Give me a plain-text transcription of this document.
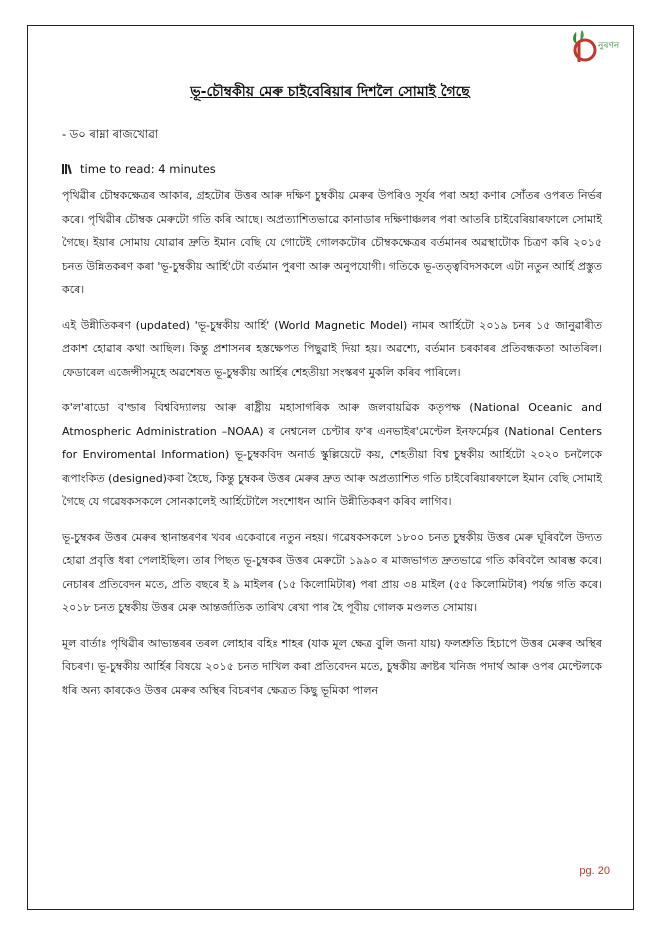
নুৰণন
ভূ-চৌম্বকীয় মেৰু চাইবেৰিয়াৰ দিশলৈ সোমাই গৈছে
- ড০ ৰাম্না ৰাজখোৱা
time to read: 4 minutes

পৃথিৱীৰ চৌম্বকক্ষেত্ৰৰ আকাৰ, গ্ৰহটোৰ উত্তৰ আৰু দক্ষিণ চুম্বকীয় মেৰুৰ উপৰিও সূৰ্যৰ পৰা অহা কণাৰ সোঁতৰ ওপৰত নিৰ্ভৰ কৰে। পৃথিৱীৰ চৌম্বক মেৰুটো গতি কৰি আছে। অপ্ৰত্যাশিতভাৱে কানাডাৰ দক্ষিণাঞ্চলৰ পৰা আতৰি চাইবেৰিয়াৰফালে সোমাই গৈছে। ইয়াৰ সোমায় যোৱাৰ দ্ৰুতি ইমান বেছি যে গোটেই গোলকটোৰ চৌম্বকক্ষেত্ৰৰ বৰ্তমানৰ অৱস্থাটোক চিত্ৰণ কৰি ২০১৫ চনত উন্নিতকৰণ কৰা 'ভূ-চুম্বকীয় আৰ্হি'টো বৰ্তমান পুৰণা আৰু অনুপযোগী। গতিকে ভূ-তত্ত্ববিদসকলে এটা নতুন আৰ্হি প্ৰস্তুত কৰে।

এই উন্নীতিকৰণ (updated) 'ভূ-চুম্বকীয় আৰ্হি' (World Magnetic Model) নামৰ আৰ্হিটো ২০১৯ চনৰ ১৫ জানুৱাৰীত প্ৰকাশ হোৱাৰ কথা আছিল। কিন্তু প্ৰশাসনৰ হস্তক্ষেপত পিছুৱাই দিয়া হয়। অৱশ্যে, বৰ্তমান চৰকাৰৰ প্ৰতিবন্ধকতা আতৰিল। ফেডাৰেল এজেন্সীসমূহে অৱশেষত ভূ-চুম্বকীয় আৰ্হিৰ শেহতীয়া সংস্কৰণ মুকলি কৰিব পাৰিলে।

ক'ল'ৰাডো ব'ল্ডাৰ বিশ্ববিদ্যালয় আৰু ৰাষ্ট্ৰীয় মহাসাগৰিক আৰু জলবায়ৱিক কতৃপক্ষ (National Oceanic and Atmospheric Administration –NOAA) ৰ নেশ্বনেল চেণ্টাৰ ফ'ৰ এনভাইৰ'মেণ্টেল ইনফৰ্মেচ্নৰ (National Centers for Enviromental Information) ভূ-চুম্বকবিদ অনাৰ্ড স্কুল্লিয়েটে কয়, শেহতীয়া বিশ্ব চুম্বকীয় আৰ্হিটো ২০২০ চনলৈকে ৰূপাংকিত (designed)কৰা হৈছে, কিন্তু চুম্বকৰ উত্তৰ মেৰুৰ দ্ৰুত আৰু অপ্ৰত্যাশিত গতি চাইবেৰিয়াৰফালে ইমান বেছি সোমাই গৈছে যে গৱেষকসকলে সোনকালেই আৰ্হিটোলৈ সংশোধন আনি উন্নীতিকৰণ কৰিব লাগিব।

ভূ-চুম্বকৰ উত্তৰ মেৰুৰ স্থানান্তৰণৰ খবৰ একেবাৰে নতুন নহয়। গৱেষকসকলে ১৮০০ চনত চুম্বকীয় উত্তৰ মেৰু ঘূৰিবলৈ উদ্যত হোৱা প্ৰবৃত্তি ধৰা পেলাইছিল। তাৰ পিছত ভূ-চুম্বকৰ উত্তৰ মেৰুটো ১৯৯০ ৰ মাজভাগত দ্ৰুতভাৱে গতি কৰিবলৈ আৰম্ভ কৰে। নেচাৰৰ প্ৰতিবেদন মতে, প্ৰতি বছৰে ই ৯ মাইলৰ (১৫ কিলোমিটাৰ) পৰা প্ৰায় ৩৪ মাইল (৫৫ কিলোমিটাৰ) পৰ্যন্ত গতি কৰে। ২০১৮ চনত চুম্বকীয় উত্তৰ মেৰু আন্তৰ্জাতিক তাৰিখ ৰেখা পাৰ হৈ পূবীয় গোলক মণ্ডলত সোমায়।

মূল বাৰ্তাঃ পৃথিৱীৰ আভ্যন্তৰৰ তৰল লোহাৰ বহিঃ শাহৰ (যাক মূল ক্ষেত্ৰ বুলি জনা যায়) ফলশ্ৰুতি হিচাপে উত্তৰ মেৰুৰ অস্থিৰ বিচৰণ। ভূ-চুম্বকীয় আৰ্হিৰ বিষয়ে ২০১৫ চনত দাখিল কৰা প্ৰতিবেদন মতে, চুম্বকীয় ক্ৰাষ্টৰ খনিজ পদাৰ্থ আৰু ওপৰ মেণ্টেলকে ধৰি অন্য কাৰকেও উত্তৰ মেৰুৰ অস্থিৰ বিচৰণৰ ক্ষেত্ৰত কিছু ভূমিকা পালন

pg. 20
